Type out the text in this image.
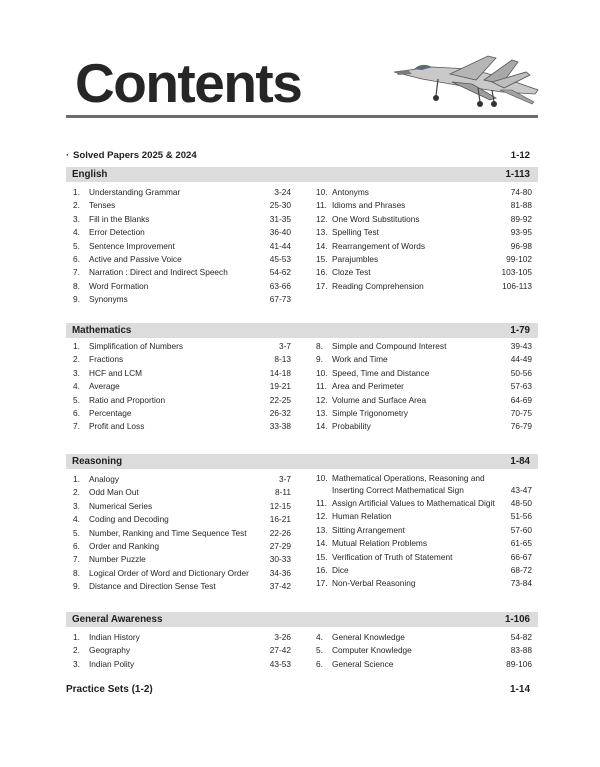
Contents
· Solved Papers 2025 & 2024	1-12
English	1-113
1.	Understanding Grammar	3-24
2.	Tenses	25-30
3.	Fill in the Blanks	31-35
4.	Error Detection	36-40
5.	Sentence Improvement	41-44
6.	Active and Passive Voice	45-53
7.	Narration : Direct and Indirect Speech	54-62
8.	Word Formation	63-66
9.	Synonyms	67-73
10. Antonyms	74-80
11. Idioms and Phrases	81-88
12. One Word Substitutions	89-92
13. Spelling Test	93-95
14. Rearrangement of Words	96-98
15. Parajumbles	99-102
16. Cloze Test	103-105
17. Reading Comprehension	106-113
Mathematics	1-79
1.	Simplification of Numbers	3-7
2.	Fractions	8-13
3.	HCF and LCM	14-18
4.	Average	19-21
5.	Ratio and Proportion	22-25
6.	Percentage	26-32
7.	Profit and Loss	33-38
8.	Simple and Compound Interest	39-43
9.	Work and Time	44-49
10. Speed, Time and Distance	50-56
11. Area and Perimeter	57-63
12. Volume and Surface Area	64-69
13. Simple Trigonometry	70-75
14. Probability	76-79
Reasoning	1-84
1.	Analogy	3-7
2.	Odd Man Out	8-11
3.	Numerical Series	12-15
4.	Coding and Decoding	16-21
5.	Number, Ranking and Time Sequence Test	22-26
6.	Order and Ranking	27-29
7.	Number Puzzle	30-33
8.	Logical Order of Word and Dictionary Order	34-36
9.	Distance and Direction Sense Test	37-42
10. Mathematical Operations, Reasoning and Inserting Correct Mathematical Sign	43-47
11. Assign Artificial Values to Mathematical Digit 48-50
12. Human Relation	51-56
13. Sitting Arrangement	57-60
14. Mutual Relation Problems	61-65
15. Verification of Truth of Statement	66-67
16. Dice	68-72
17. Non-Verbal Reasoning	73-84
General Awareness	1-106
1.	Indian History	3-26
2.	Geography	27-42
3.	Indian Polity	43-53
4.	General Knowledge	54-82
5.	Computer Knowledge	83-88
6.	General Science	89-106
Practice Sets (1-2)	1-14
